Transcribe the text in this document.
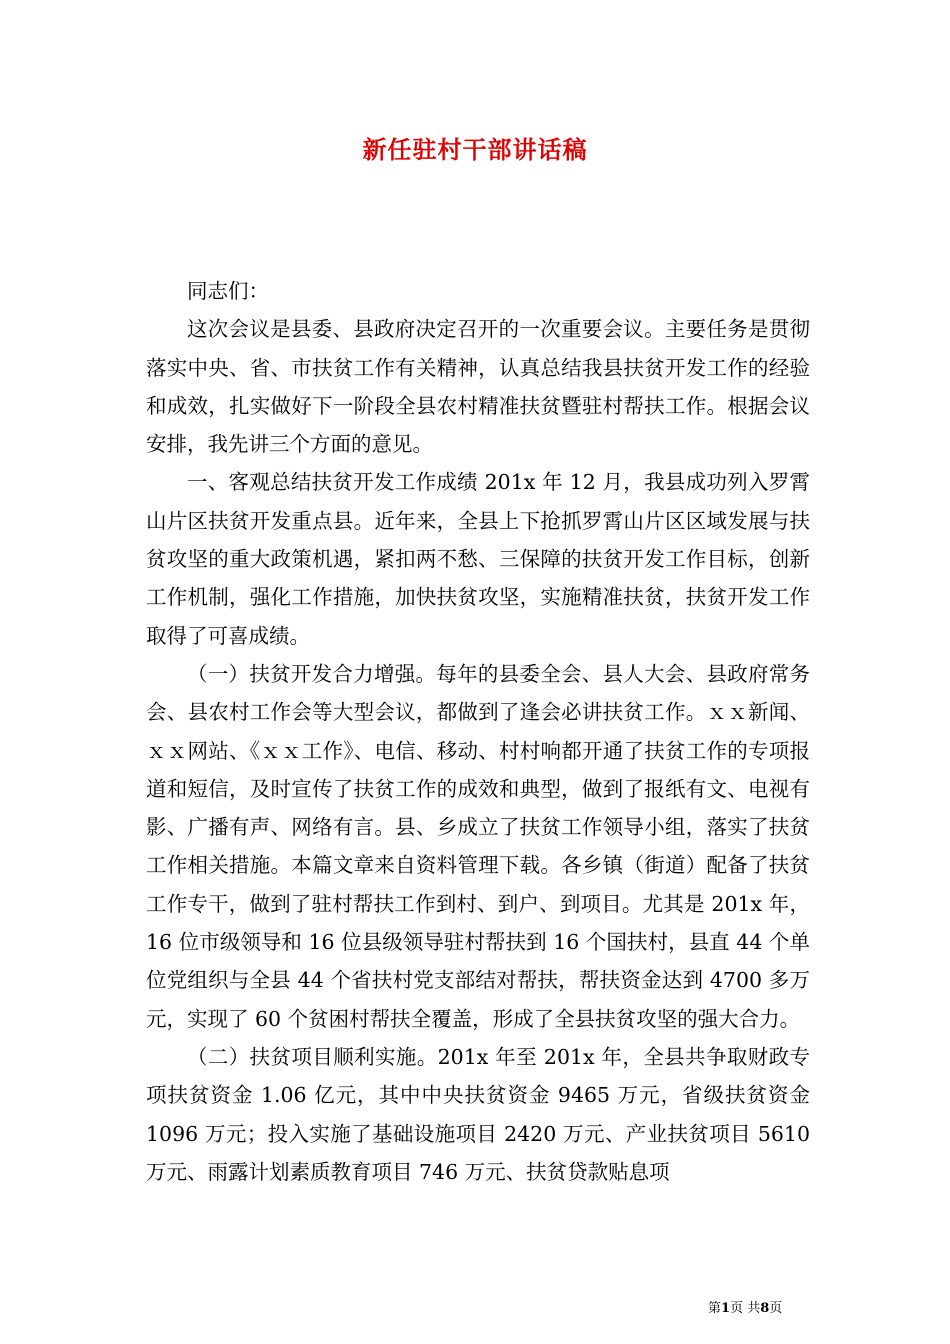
新任驻村干部讲话稿

同志们：

这次会议是县委、县政府决定召开的一次重要会议。主要任务是贯彻落实中央、省、市扶贫工作有关精神，认真总结我县扶贫开发工作的经验和成效，扎实做好下一阶段全县农村精准扶贫暨驻村帮扶工作。根据会议安排，我先讲三个方面的意见。

一、客观总结扶贫开发工作成绩 201x 年 12 月，我县成功列入罗霄山片区扶贫开发重点县。近年来，全县上下抢抓罗霄山片区区域发展与扶贫攻坚的重大政策机遇，紧扣两不愁、三保障的扶贫开发工作目标，创新工作机制，强化工作措施，加快扶贫攻坚，实施精准扶贫，扶贫开发工作取得了可喜成绩。

（一）扶贫开发合力增强。每年的县委全会、县人大会、县政府常务会、县农村工作会等大型会议，都做到了逢会必讲扶贫工作。ｘｘ新闻、ｘｘ网站、《ｘｘ工作》、电信、移动、村村响都开通了扶贫工作的专项报道和短信，及时宣传了扶贫工作的成效和典型，做到了报纸有文、电视有影、广播有声、网络有言。县、乡成立了扶贫工作领导小组，落实了扶贫工作相关措施。本篇文章来自资料管理下载。各乡镇（街道）配备了扶贫工作专干，做到了驻村帮扶工作到村、到户、到项目。尤其是 201x 年，16 位市级领导和 16 位县级领导驻村帮扶到 16 个国扶村，县直 44 个单位党组织与全县 44 个省扶村党支部结对帮扶，帮扶资金达到 4700 多万元，实现了 60 个贫困村帮扶全覆盖，形成了全县扶贫攻坚的强大合力。

（二）扶贫项目顺利实施。201x 年至 201x 年，全县共争取财政专项扶贫资金 1.06 亿元，其中中央扶贫资金 9465 万元，省级扶贫资金 1096 万元；投入实施了基础设施项目 2420 万元、产业扶贫项目 5610 万元、雨露计划素质教育项目 746 万元、扶贫贷款贴息项

第1页 共8页
